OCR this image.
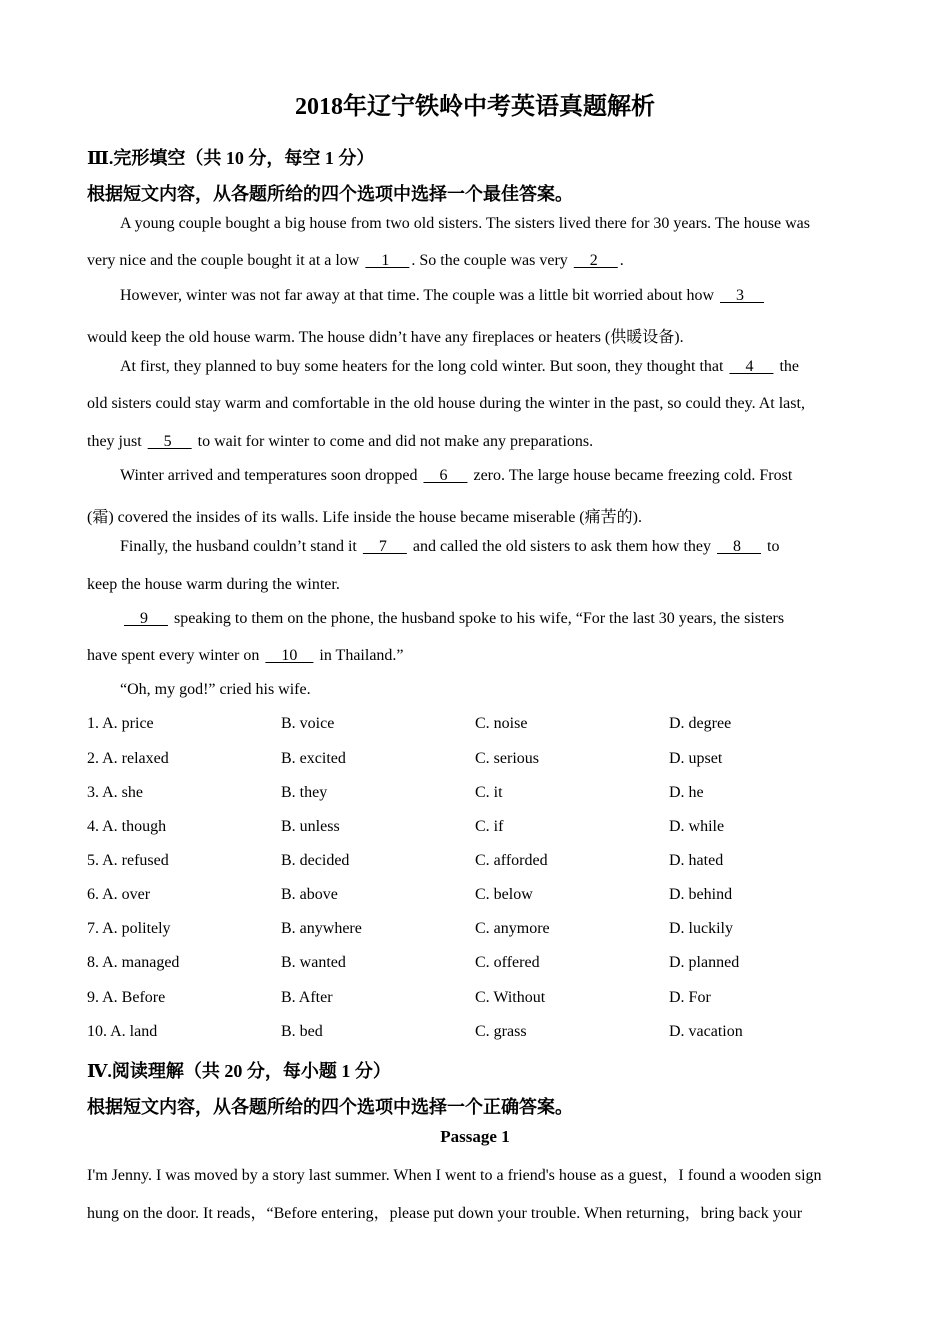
2018年辽宁铁岭中考英语真题解析
Ⅲ.完形填空（共 10 分，每空 1 分）
根据短文内容，从各题所给的四个选项中选择一个最佳答案。
A young couple bought a big house from two old sisters. The sisters lived there for 30 years. The house was
very nice and the couple bought it at a low     1     . So the couple was very     2     .
However, winter was not far away at that time. The couple was a little bit worried about how     3
would keep the old house warm. The house didn’t have any fireplaces or heaters (供暖设备).
At first, they planned to buy some heaters for the long cold winter. But soon, they thought that     4      the
old sisters could stay warm and comfortable in the old house during the winter in the past, so could they. At last,
they just     5      to wait for winter to come and did not make any preparations.
Winter arrived and temperatures soon dropped     6      zero. The large house became freezing cold. Frost
(霜) covered the insides of its walls. Life inside the house became miserable (痛苦的).
Finally, the husband couldn’t stand it     7      and called the old sisters to ask them how they     8      to
keep the house warm during the winter.
9      speaking to them on the phone, the husband spoke to his wife, “For the last 30 years, the sisters
have spent every winter on     10     in Thailand.”
“Oh, my god!” cried his wife.
1. A. price	B. voice	C. noise	D. degree
2. A. relaxed	B. excited	C. serious	D. upset
3. A. she	B. they	C. it	D. he
4. A. though	B. unless	C. if	D. while
5. A. refused	B. decided	C. afforded	D. hated
6. A. over	B. above	C. below	D. behind
7. A. politely	B. anywhere	C. anymore	D. luckily
8. A. managed	B. wanted	C. offered	D. planned
9. A. Before	B. After	C. Without	D. For
10. A. land	B. bed	C. grass	D. vacation
Ⅳ.阅读理解（共 20 分，每小题 1 分）
根据短文内容，从各题所给的四个选项中选择一个正确答案。
Passage 1
I'm Jenny. I was moved by a story last summer. When I went to a friend's house as a guest，I found a wooden sign
hung on the door. It reads，“Before entering，please put down your trouble. When returning，bring back your
